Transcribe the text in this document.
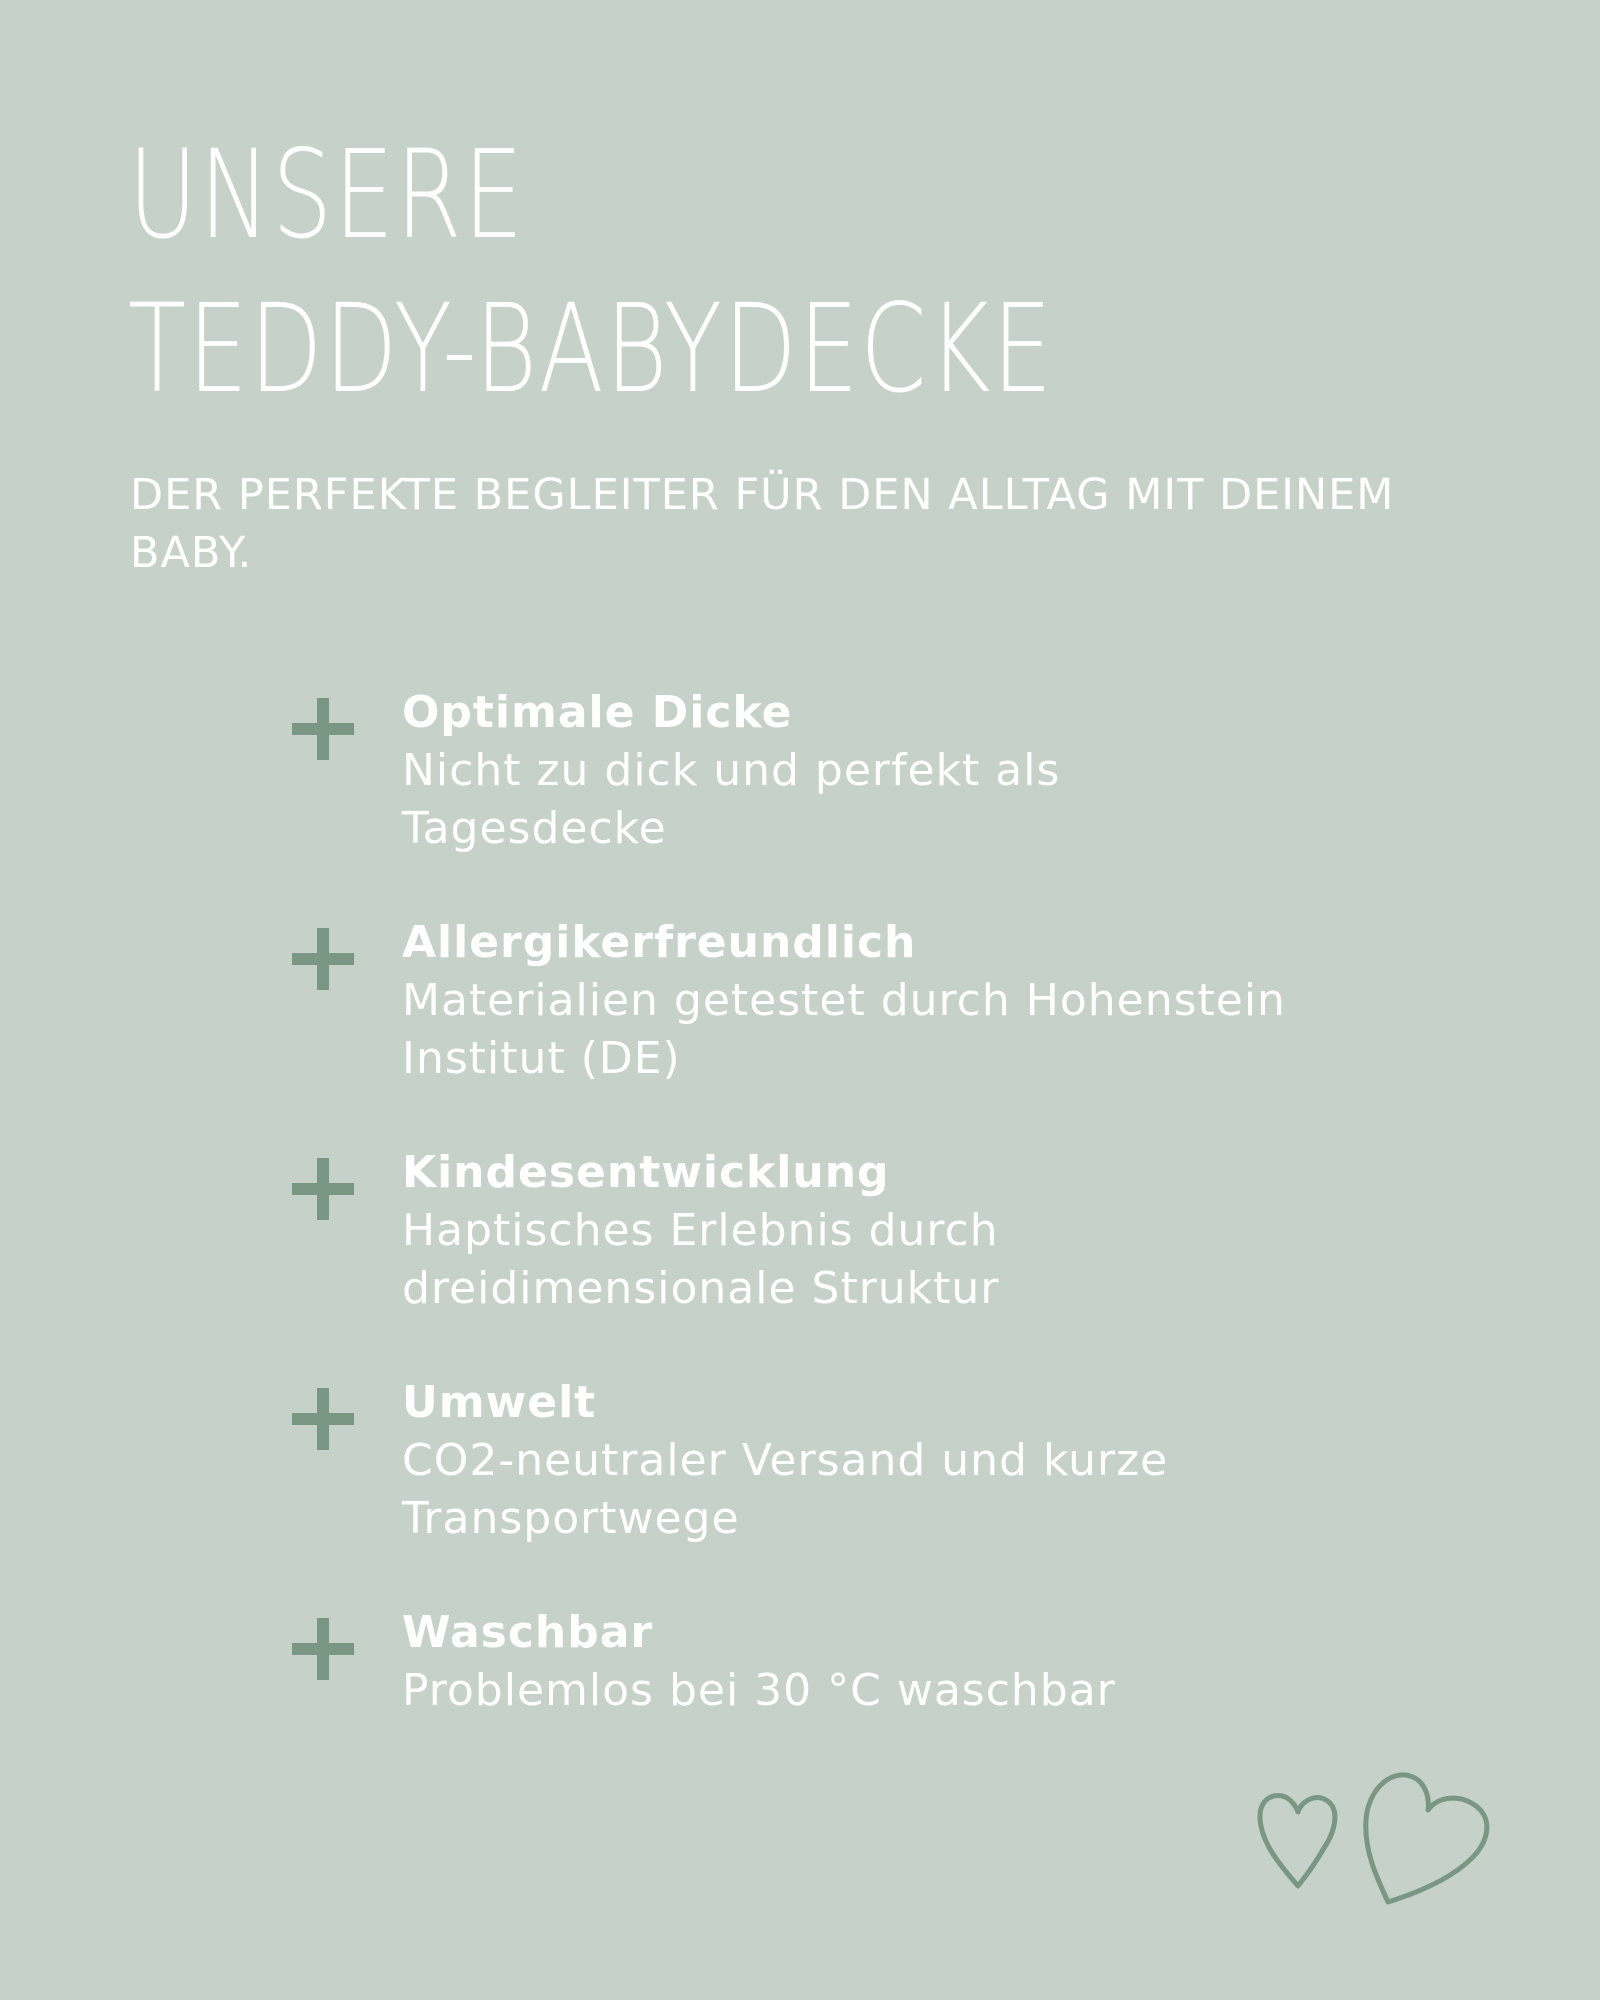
UNSERE
TEDDY-BABYDECKE

DER PERFEKTE BEGLEITER FÜR DEN ALLTAG MIT DEINEM BABY.

Optimale Dicke
Nicht zu dick und perfekt als
Tagesdecke
Allergikerfreundlich
Materialien getestet durch Hohenstein
Institut (DE)
Kindesentwicklung
Haptisches Erlebnis durch
dreidimensionale Struktur
Umwelt
CO2-neutraler Versand und kurze
Transportwege
Waschbar
Problemlos bei 30 °C waschbar
